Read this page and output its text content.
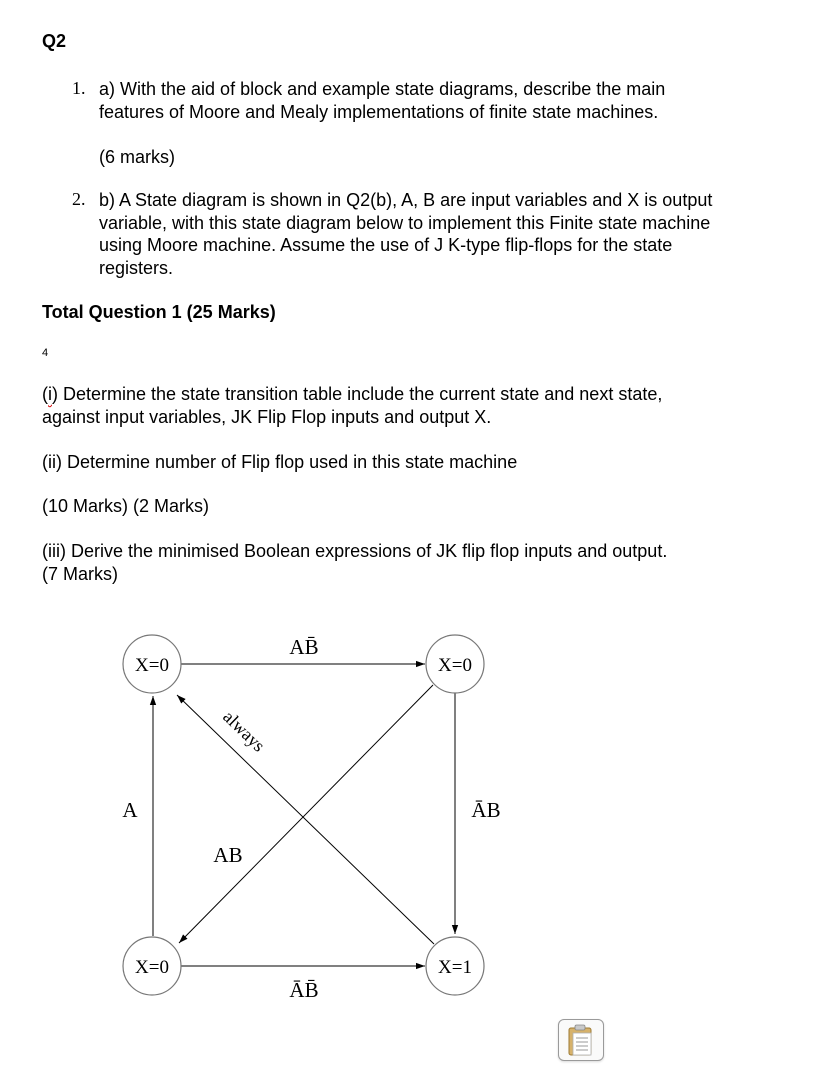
Q2
1. a) With the aid of block and example state diagrams, describe the main
features of Moore and Mealy implementations of finite state machines.
(6 marks)
2. b) A State diagram is shown in Q2(b), A, B are input variables and X is output
variable, with this state diagram below to implement this Finite state machine
using Moore machine. Assume the use of J K-type flip-flops for the state
registers.
Total Question 1 (25 Marks)
4
(i) Determine the state transition table include the current state and next state,
against input variables, JK Flip Flop inputs and output X.
(ii) Determine number of Flip flop used in this state machine
(10 Marks) (2 Marks)
(iii) Derive the minimised Boolean expressions of JK flip flop inputs and output.
(7 Marks)
X=0	X=0
X=0	X=1
AB̄
ĀB
ĀB̄
A
AB
always
